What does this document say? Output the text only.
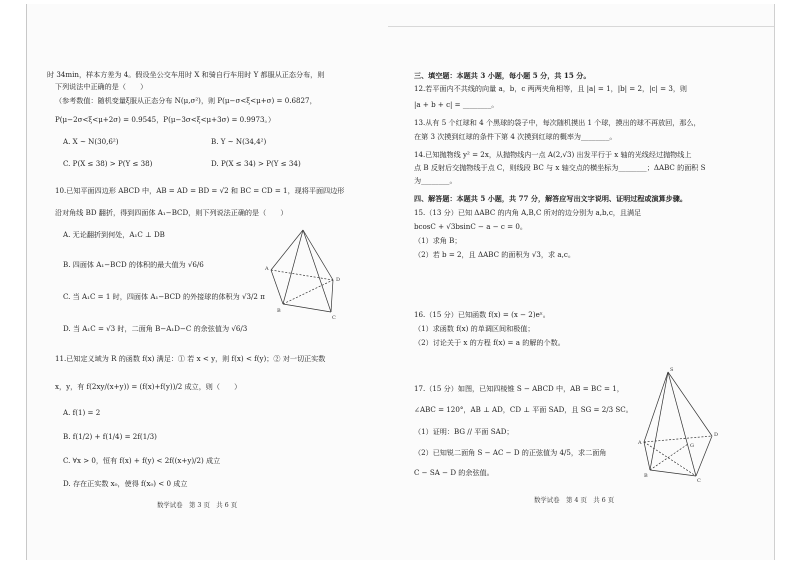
时 34min，样本方差为 4。假设坐公交车用时 X 和骑自行车用时 Y 都服从正态分布，则
下列说法中正确的是（　　）
（参考数值：随机变量ξ服从正态分布 N(μ,σ²)，则 P(μ−σ<ξ<μ+σ) = 0.6827，
P(μ−2σ<ξ<μ+2σ) = 0.9545，P(μ−3σ<ξ<μ+3σ) = 0.9973。）
A. X ~ N(30,6²)	B. Y ~ N(34,4²)
C. P(X ≤ 38) > P(Y ≤ 38)	D. P(X ≤ 34) > P(Y ≤ 34)
10.已知平面四边形 ABCD 中，AB = AD = BD = √2 和 BC = CD = 1，现将平面四边形
沿对角线 BD 翻折，得到四面体 A₁−BCD，则下列说法正确的是（　　）
A. 无论翻折到何处，A₁C ⊥ DB
B. 四面体 A₁−BCD 的体积的最大值为 √6/6
C. 当 A₁C = 1 时，四面体 A₁−BCD 的外接球的体积为 √3/2 π
D. 当 A₁C = √3 时，二面角 B−A₁D−C 的余弦值为 √6/3
A
B
C
D
11.已知定义域为 R 的函数 f(x) 满足：① 若 x < y，则 f(x) < f(y)；② 对一切正实数
x，y，有 f(2xy/(x+y)) = (f(x)+f(y))/2 成立，则（　　）
A. f(1) = 2
B. f(1/2) + f(1/4) = 2f(1/3)
C. ∀x > 0，恒有 f(x) + f(y) < 2f((x+y)/2) 成立
D. 存在正实数 x₀，使得 f(x₀) < 0 成立
数学试卷　第 3 页　共 6 页
三、填空题：本题共 3 小题，每小题 5 分，共 15 分。
12.若平面内不共线的向量 a，b，c 两两夹角相等，且 |a| = 1，|b| = 2，|c| = 3，则
|a + b + c| = ________。
13.从有 5 个红球和 4 个黑球的袋子中，每次随机摸出 1 个球，摸出的球不再放回，那么，
在第 3 次摸到红球的条件下第 4 次摸到红球的概率为________。
14.已知抛物线 y² = 2x，从抛物线内一点 A(2,√3) 出发平行于 x 轴的光线经过抛物线上
点 B 反射后交抛物线于点 C，则线段 BC 与 x 轴交点的横坐标为________；ΔABC 的面积 S
为________。
四、解答题：本题共 5 小题，共 77 分，解答应写出文字说明、证明过程或演算步骤。
15.（13 分）已知 ΔABC 的内角 A,B,C 所对的边分别为 a,b,c，且满足
bcosC + √3bsinC − a − c = 0。
（1）求角 B；
（2）若 b = 2，且 ΔABC 的面积为 √3，求 a,c。
16.（15 分）已知函数 f(x) = (x − 2)eˣ。
（1）求函数 f(x) 的单调区间和极值；
（2）讨论关于 x 的方程 f(x) = a 的解的个数。
17.（15 分）如图，已知四棱锥 S − ABCD 中，AB = BC = 1，
∠ABC = 120°，AB ⊥ AD，CD ⊥ 平面 SAD，且 SG = 2/3 SC。
（1）证明：BG // 平面 SAD；
（2）已知锐二面角 S − AC − D 的正弦值为 4/5，求二面角
C − SA − D 的余弦值。
S
G
A
B
C
D
数学试卷　第 4 页　共 6 页
